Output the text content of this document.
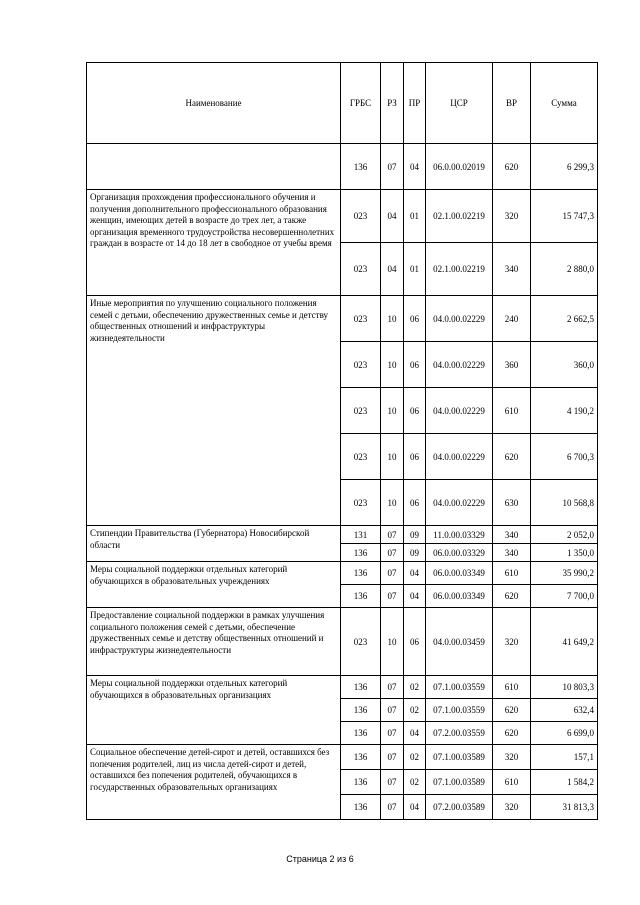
Наименование	ГРБС	РЗ	ПР	ЦСР	ВР	Сумма
	136	07	04	06.0.00.02019	620	6 299,3
Организация прохождения профессионального обучения и получения дополнительного профессионального образования женщин, имеющих детей в возрасте до трех лет, а также организация временного трудоустройства несовершеннолетних граждан в возрасте от 14 до 18 лет в свободное от учебы время	023	04	01	02.1.00.02219	320	15 747,3
	023	04	01	02.1.00.02219	340	2 880,0
Иные мероприятия по улучшению социального положения семей с детьми, обеспечению дружественных семье и детству общественных отношений и инфраструктуры жизнедеятельности	023	10	06	04.0.00.02229	240	2 662,5
	023	10	06	04.0.00.02229	360	360,0
	023	10	06	04.0.00.02229	610	4 190,2
	023	10	06	04.0.00.02229	620	6 700,3
	023	10	06	04.0.00.02229	630	10 568,8
Стипендии Правительства (Губернатора) Новосибирской области	131	07	09	11.0.00.03329	340	2 052,0
	136	07	09	06.0.00.03329	340	1 350,0
Меры социальной поддержки отдельных категорий обучающихся в образовательных учреждениях	136	07	04	06.0.00.03349	610	35 990,2
	136	07	04	06.0.00.03349	620	7 700,0
Предоставление социальной поддержки в рамках улучшения социального положения семей с детьми, обеспечение дружественных семье и детству общественных отношений и инфраструктуры жизнедеятельности	023	10	06	04.0.00.03459	320	41 649,2
Меры социальной поддержки отдельных категорий обучающихся в образовательных организациях	136	07	02	07.1.00.03559	610	10 803,3
	136	07	02	07.1.00.03559	620	632,4
	136	07	04	07.2.00.03559	620	6 699,0
Социальное обеспечение детей-сирот и детей, оставшихся без попечения родителей, лиц из числа детей-сирот и детей, оставшихся без попечения родителей, обучающихся в государственных образовательных организациях	136	07	02	07.1.00.03589	320	157,1
	136	07	02	07.1.00.03589	610	1 584,2
	136	07	04	07.2.00.03589	320	31 813,3
Страница 2 из 6
